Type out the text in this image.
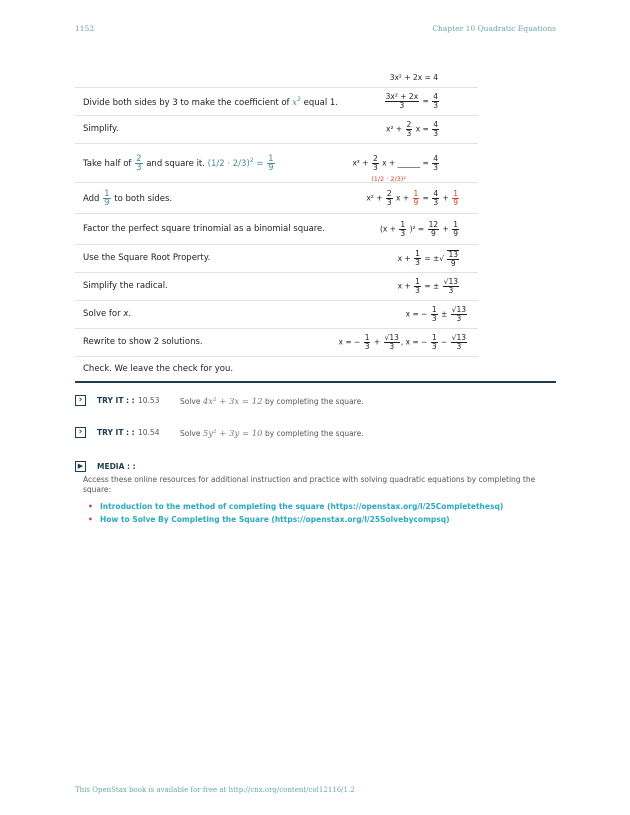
1152	Chapter 10 Quadratic Equations
3x² + 2x = 4
Divide both sides by 3 to make the coefficient of $x^2$ equal 1.	$\frac{\text{3x² + 2x}}{3} = \frac{4}{3}$
Simplify.	$x^2 + \frac{2}{3}$ $x = \frac{4}{3}$
Take half of $\frac{2}{3}$ and square it. $(1/2 \cdot 2/3)^2 = \frac{1}{9}$	$x^2 + \frac{2}{3}$ x + ______ = $\frac{4}{3}$
(1/2 · 2/3)²
Add $\frac{1}{9}$ to both sides.	$x^2 + \frac{2}{3}$ $x + \frac{1}{9} = \frac{4}{3} + \frac{1}{9}$
Factor the perfect square trinomial as a binomial square.	$(x + \frac{1}{3} )^2 = \frac{12}{9} + \frac{1}{9}$
Use the Square Root Property.	$x + \frac{1}{3}$ = ±√ $\frac{13}{9}$
Simplify the radical.	$x + \frac{1}{3}$ = ± $\frac{√13}{3}$
Solve for x.	x = − $\frac{1}{3} \pm \frac{√13}{3}$
Rewrite to show 2 solutions.	x = − $\frac{1}{3} + \frac{√13}{3}$ , x = − $\frac{1}{3} - \frac{√13}{3}$
Check. We leave the check for you.
›	TRY IT : : 10.53	Solve 4x² + 3x = 12 by completing the square.
›	TRY IT : : 10.54	Solve 5y² + 3y = 10 by completing the square.
▶	MEDIA : :
Access these online resources for additional instruction and practice with solving quadratic equations by completing the square:
• Introduction to the method of completing the square (https://openstax.org/l/25Completethesq)
• How to Solve By Completing the Square (https://openstax.org/l/25Solvebycompsq)
This OpenStax book is available for free at http://cnx.org/content/col12116/1.2
